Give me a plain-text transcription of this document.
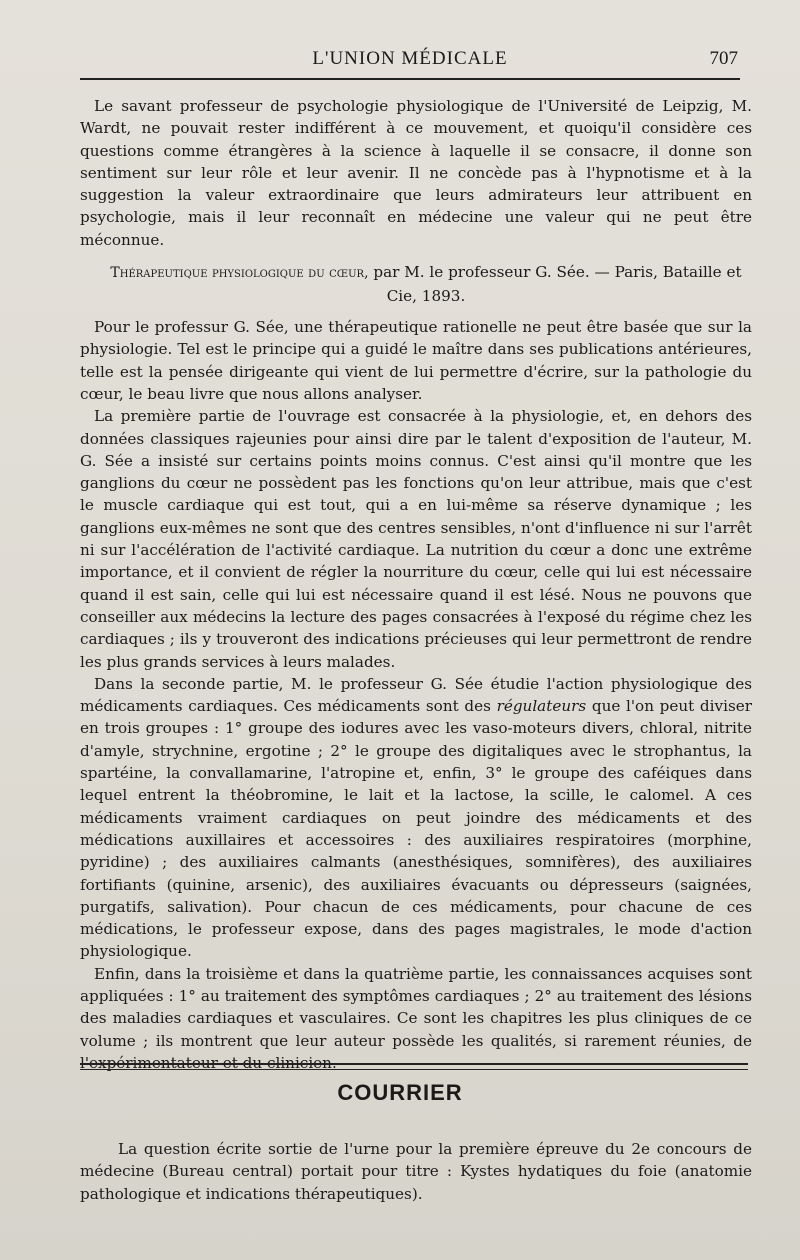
L'UNION MÉDICALE	707

Le savant professeur de psychologie physiologique de l'Université de Leipzig, M. Wardt, ne pouvait rester indifférent à ce mouvement, et quoiqu'il considère ces questions comme étrangères à la science à laquelle il se consacre, il donne son sentiment sur leur rôle et leur avenir. Il ne concède pas à l'hypnotisme et à la suggestion la valeur extraordinaire que leurs admirateurs leur attribuent en psychologie, mais il leur reconnaît en médecine une valeur qui ne peut être méconnue.

Thérapeutique physiologique du cœur, par M. le professeur G. Sée. — Paris, Bataille et Cie, 1893.

Pour le professur G. Sée, une thérapeutique rationelle ne peut être basée que sur la physiologie. Tel est le principe qui a guidé le maître dans ses publications antérieures, telle est la pensée dirigeante qui vient de lui permettre d'écrire, sur la pathologie du cœur, le beau livre que nous allons analyser.

La première partie de l'ouvrage est consacrée à la physiologie, et, en dehors des données classiques rajeunies pour ainsi dire par le talent d'exposition de l'auteur, M. G. Sée a insisté sur certains points moins connus. C'est ainsi qu'il montre que les ganglions du cœur ne possèdent pas les fonctions qu'on leur attribue, mais que c'est le muscle cardiaque qui est tout, qui a en lui-même sa réserve dynamique ; les ganglions eux-mêmes ne sont que des centres sensibles, n'ont d'influence ni sur l'arrêt ni sur l'accélération de l'activité cardiaque. La nutrition du cœur a donc une extrême importance, et il convient de régler la nourriture du cœur, celle qui lui est nécessaire quand il est sain, celle qui lui est nécessaire quand il est lésé. Nous ne pouvons que conseiller aux médecins la lecture des pages consacrées à l'exposé du régime chez les cardiaques ; ils y trouveront des indications précieuses qui leur permettront de rendre les plus grands services à leurs malades.

Dans la seconde partie, M. le professeur G. Sée étudie l'action physiologique des médicaments cardiaques. Ces médicaments sont des régulateurs que l'on peut diviser en trois groupes : 1° groupe des iodures avec les vaso-moteurs divers, chloral, nitrite d'amyle, strychnine, ergotine ; 2° le groupe des digitaliques avec le strophantus, la spartéine, la convallamarine, l'atropine et, enfin, 3° le groupe des caféiques dans lequel entrent la théobromine, le lait et la lactose, la scille, le calomel. A ces médicaments vraiment cardiaques on peut joindre des médicaments et des médications auxillaires et accessoires : des auxiliaires respiratoires (morphine, pyridine) ; des auxiliaires calmants (anesthésiques, somnifères), des auxiliaires fortifiants (quinine, arsenic), des auxiliaires évacuants ou dépresseurs (saignées, purgatifs, salivation). Pour chacun de ces médicaments, pour chacune de ces médications, le professeur expose, dans des pages magistrales, le mode d'action physiologique.

Enfin, dans la troisième et dans la quatrième partie, les connaissances acquises sont appliquées : 1° au traitement des symptômes cardiaques ; 2° au traitement des lésions des maladies cardiaques et vasculaires. Ce sont les chapitres les plus cliniques de ce volume ; ils montrent que leur auteur possède les qualités, si rarement réunies, de l'expérimentateur et du clinicien.

COURRIER

La question écrite sortie de l'urne pour la première épreuve du 2e concours de médecine (Bureau central) portait pour titre : Kystes hydatiques du foie (anatomie pathologique et indications thérapeutiques).
